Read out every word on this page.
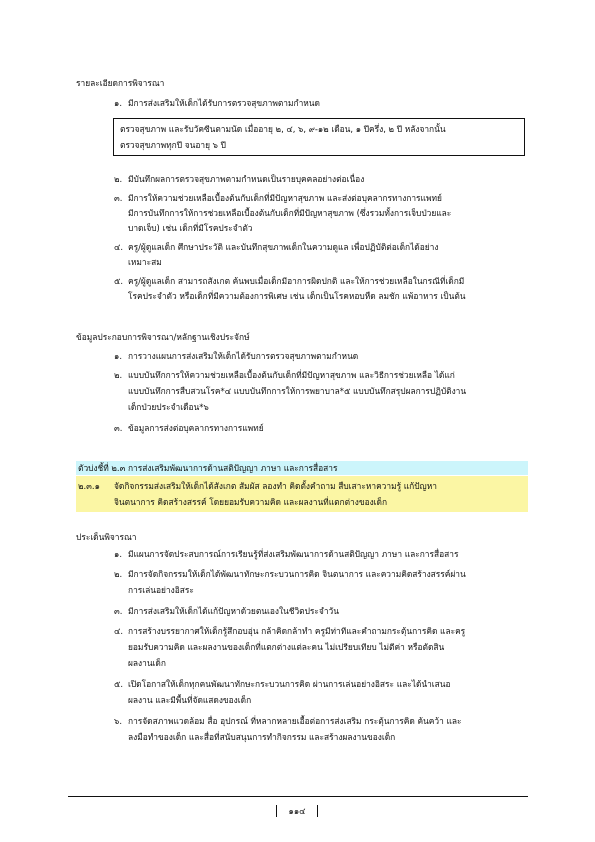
รายละเอียดการพิจารณา
๑. มีการส่งเสริมให้เด็กได้รับการตรวจสุขภาพตามกำหนด
ตรวจสุขภาพ และรับวัคซีนตามนัด เมื่ออายุ ๒, ๔, ๖, ๙-๑๒ เดือน, ๑ ปีครึ่ง, ๒ ปี หลังจากนั้น
ตรวจสุขภาพทุกปี จนอายุ ๖ ปี
๒. มีบันทึกผลการตรวจสุขภาพตามกำหนดเป็นรายบุคคลอย่างต่อเนื่อง
๓. มีการให้ความช่วยเหลือเบื้องต้นกับเด็กที่มีปัญหาสุขภาพ และส่งต่อบุคลากรทางการแพทย์
มีการบันทึกการให้การช่วยเหลือเบื้องต้นกับเด็กที่มีปัญหาสุขภาพ (ซึ่งรวมทั้งการเจ็บป่วยและ
บาดเจ็บ) เช่น เด็กที่มีโรคประจำตัว
๔. ครู/ผู้ดูแลเด็ก ศึกษาประวัติ และบันทึกสุขภาพเด็กในความดูแล เพื่อปฏิบัติต่อเด็กได้อย่าง
เหมาะสม
๕. ครู/ผู้ดูแลเด็ก สามารถสังเกต ค้นพบเมื่อเด็กมีอาการผิดปกติ และให้การช่วยเหลือในกรณีที่เด็กมี
โรคประจำตัว หรือเด็กที่มีความต้องการพิเศษ เช่น เด็กเป็นโรคหอบหืด ลมชัก แพ้อาหาร เป็นต้น
ข้อมูลประกอบการพิจารณา/หลักฐานเชิงประจักษ์
๑. การวางแผนการส่งเสริมให้เด็กได้รับการตรวจสุขภาพตามกำหนด
๒. แบบบันทึกการให้ความช่วยเหลือเบื้องต้นกับเด็กที่มีปัญหาสุขภาพ และวิธีการช่วยเหลือ ได้แก่
แบบบันทึกการสืบสวนโรค*๔ แบบบันทึกการให้การพยาบาล*๕ แบบบันทึกสรุปผลการปฏิบัติงาน
เด็กป่วยประจำเดือน*๖
๓. ข้อมูลการส่งต่อบุคลากรทางการแพทย์
ตัวบ่งชี้ที่ ๒.๓ การส่งเสริมพัฒนาการด้านสติปัญญา ภาษา และการสื่อสาร
๒.๓.๑ จัดกิจกรรมส่งเสริมให้เด็กได้สังเกต สัมผัส ลองทำ คิดตั้งคำถาม สืบเสาะหาความรู้ แก้ปัญหา
จินตนาการ คิดสร้างสรรค์ โดยยอมรับความคิด และผลงานที่แตกต่างของเด็ก
ประเด็นพิจารณา
๑. มีแผนการจัดประสบการณ์การเรียนรู้ที่ส่งเสริมพัฒนาการด้านสติปัญญา ภาษา และการสื่อสาร
๒. มีการจัดกิจกรรมให้เด็กได้พัฒนาทักษะกระบวนการคิด จินตนาการ และความคิดสร้างสรรค์ผ่าน
การเล่นอย่างอิสระ
๓. มีการส่งเสริมให้เด็กได้แก้ปัญหาด้วยตนเองในชีวิตประจำวัน
๔. การสร้างบรรยากาศให้เด็กรู้สึกอบอุ่น กล้าคิดกล้าทำ ครูมีท่าทีและคำถามกระตุ้นการคิด และครู
ยอมรับความคิด และผลงานของเด็กที่แตกต่างแต่ละคน ไม่เปรียบเทียบ ไม่ตีค่า หรือตัดสิน
ผลงานเด็ก
๕. เปิดโอกาสให้เด็กทุกคนพัฒนาทักษะกระบวนการคิด ผ่านการเล่นอย่างอิสระ และได้นำเสนอ
ผลงาน และมีพื้นที่จัดแสดงของเด็ก
๖. การจัดสภาพแวดล้อม สื่อ อุปกรณ์ ที่หลากหลายเอื้อต่อการส่งเสริม กระตุ้นการคิด ค้นคว้า และ
ลงมือทำของเด็ก และสื่อที่สนับสนุนการทำกิจกรรม และสร้างผลงานของเด็ก
๑๑๔
